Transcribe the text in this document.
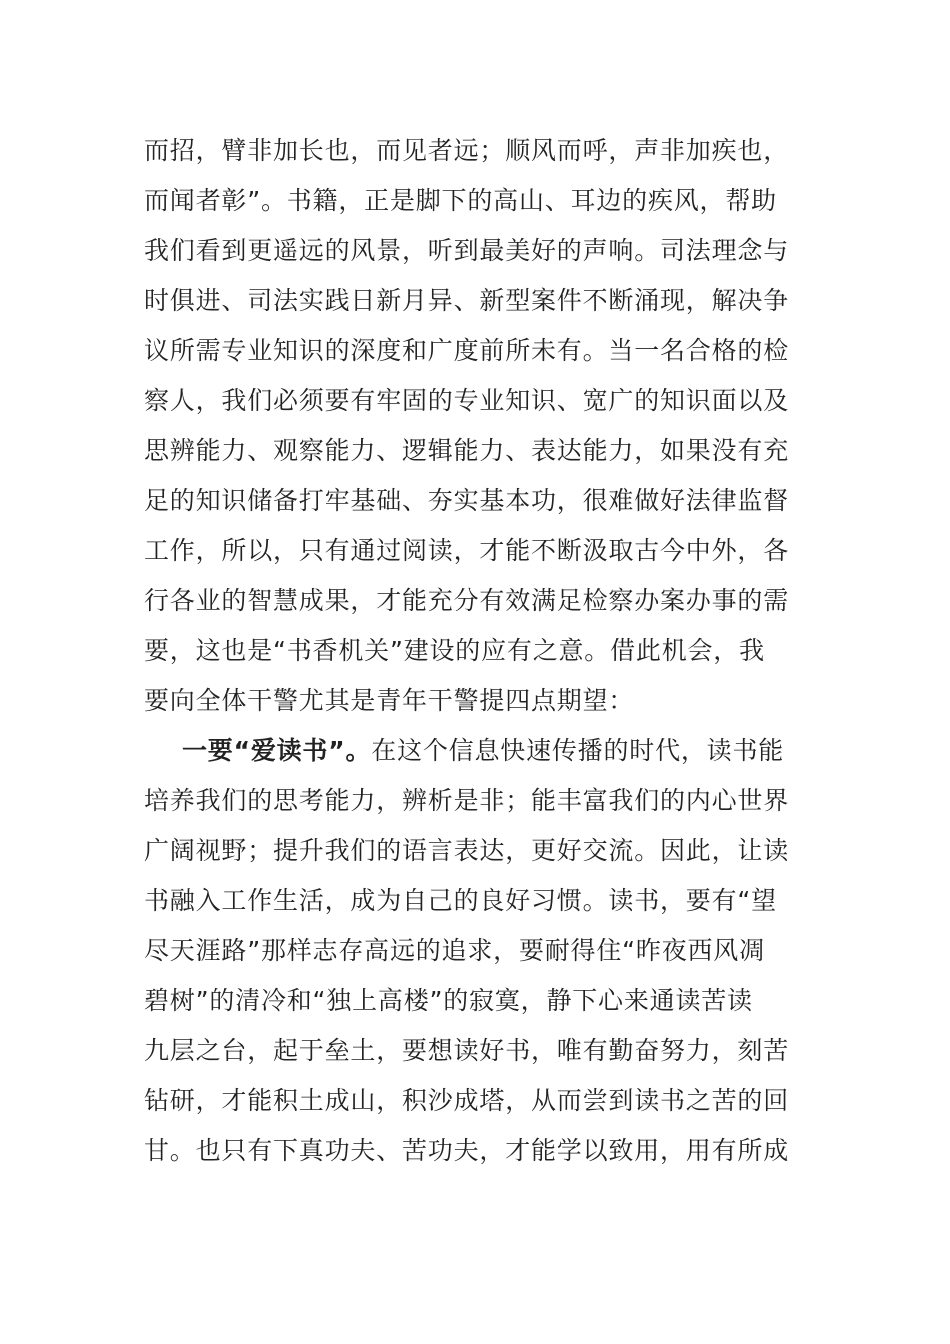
而招，臂非加长也，而见者远；顺风而呼，声非加疾也，
而闻者彰”。书籍，正是脚下的高山、耳边的疾风，帮助
我们看到更遥远的风景，听到最美好的声响。司法理念与
时俱进、司法实践日新月异、新型案件不断涌现，解决争
议所需专业知识的深度和广度前所未有。当一名合格的检
察人，我们必须要有牢固的专业知识、宽广的知识面以及
思辨能力、观察能力、逻辑能力、表达能力，如果没有充
足的知识储备打牢基础、夯实基本功，很难做好法律监督
工作，所以，只有通过阅读，才能不断汲取古今中外，各
行各业的智慧成果，才能充分有效满足检察办案办事的需
要，这也是“书香机关”建设的应有之意。借此机会，我
要向全体干警尤其是青年干警提四点期望：
一要“爱读书”。在这个信息快速传播的时代，读书能
培养我们的思考能力，辨析是非；能丰富我们的内心世界
广阔视野；提升我们的语言表达，更好交流。因此，让读
书融入工作生活，成为自己的良好习惯。读书，要有“望
尽天涯路”那样志存高远的追求，要耐得住“昨夜西风凋
碧树”的清冷和“独上高楼”的寂寞，静下心来通读苦读
九层之台，起于垒土，要想读好书，唯有勤奋努力，刻苦
钻研，才能积土成山，积沙成塔，从而尝到读书之苦的回
甘。也只有下真功夫、苦功夫，才能学以致用，用有所成
